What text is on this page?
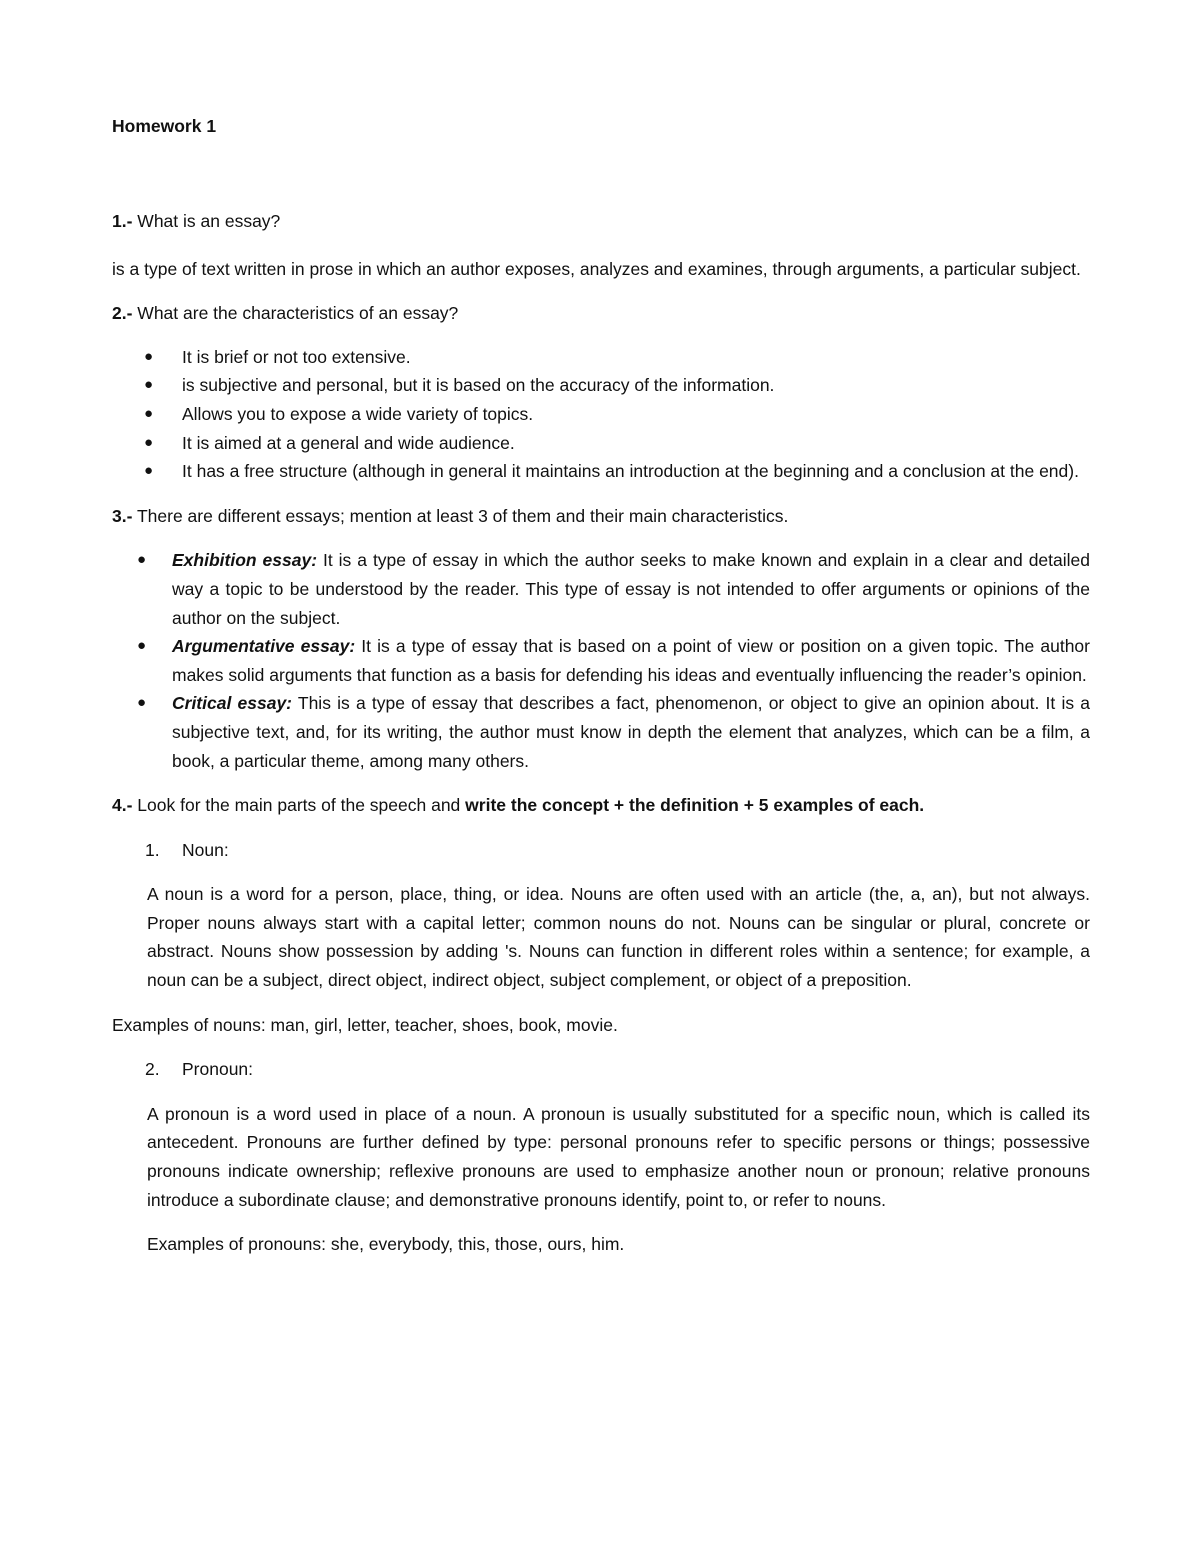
Homework 1

1.- What is an essay?

is a type of text written in prose in which an author exposes, analyzes and examines, through arguments, a particular subject.

2.- What are the characteristics of an essay?

● It is brief or not too extensive.
● is subjective and personal, but it is based on the accuracy of the information.
● Allows you to expose a wide variety of topics.
● It is aimed at a general and wide audience.
● It has a free structure (although in general it maintains an introduction at the beginning and a conclusion at the end).

3.- There are different essays; mention at least 3 of them and their main characteristics.

● Exhibition essay: It is a type of essay in which the author seeks to make known and explain in a clear and detailed way a topic to be understood by the reader. This type of essay is not intended to offer arguments or opinions of the author on the subject.
● Argumentative essay: It is a type of essay that is based on a point of view or position on a given topic. The author makes solid arguments that function as a basis for defending his ideas and eventually influencing the reader’s opinion.
● Critical essay: This is a type of essay that describes a fact, phenomenon, or object to give an opinion about. It is a subjective text, and, for its writing, the author must know in depth the element that analyzes, which can be a film, a book, a particular theme, among many others.

4.- Look for the main parts of the speech and write the concept + the definition + 5 examples of each.

1. Noun:

A noun is a word for a person, place, thing, or idea. Nouns are often used with an article (the, a, an), but not always. Proper nouns always start with a capital letter; common nouns do not. Nouns can be singular or plural, concrete or abstract. Nouns show possession by adding 's. Nouns can function in different roles within a sentence; for example, a noun can be a subject, direct object, indirect object, subject complement, or object of a preposition.

Examples of nouns: man, girl, letter, teacher, shoes, book, movie.

2. Pronoun:

A pronoun is a word used in place of a noun. A pronoun is usually substituted for a specific noun, which is called its antecedent. Pronouns are further defined by type: personal pronouns refer to specific persons or things; possessive pronouns indicate ownership; reflexive pronouns are used to emphasize another noun or pronoun; relative pronouns introduce a subordinate clause; and demonstrative pronouns identify, point to, or refer to nouns.

Examples of pronouns: she, everybody, this, those, ours, him.
